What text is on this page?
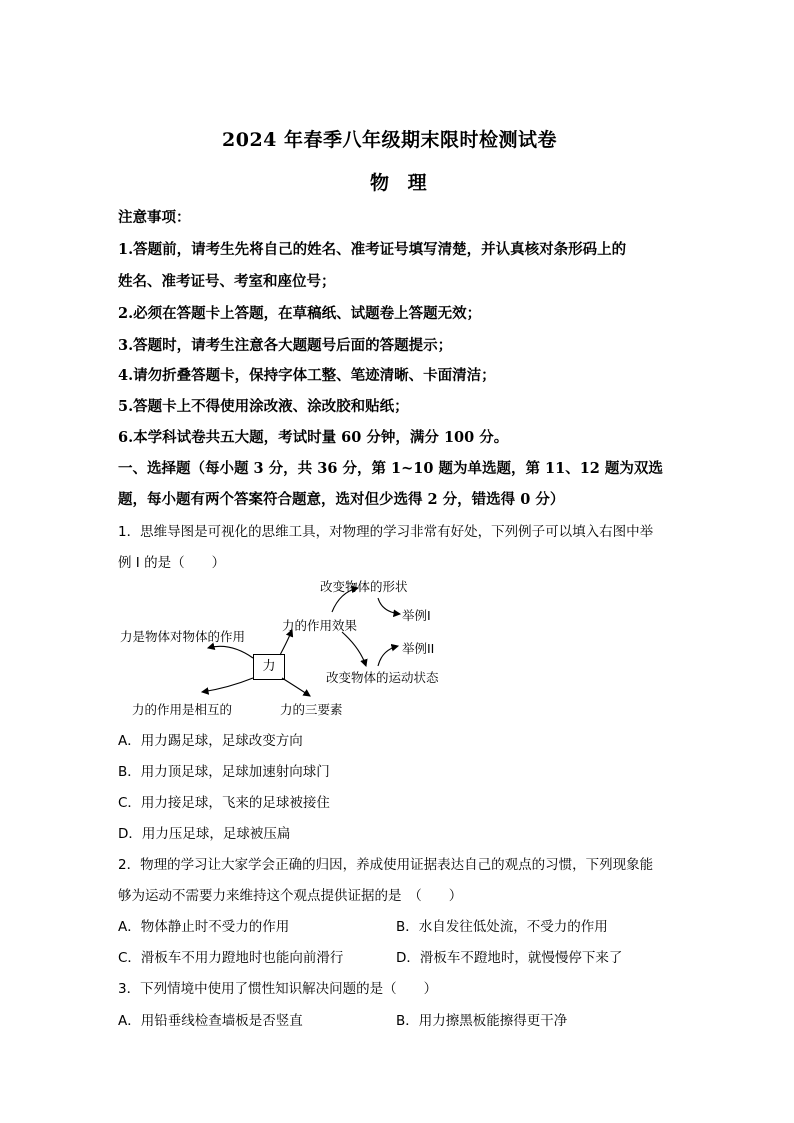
2024 年春季八年级期末限时检测试卷
物 理
注意事项：
1.答题前，请考生先将自己的姓名、准考证号填写清楚，并认真核对条形码上的
姓名、准考证号、考室和座位号；
2.必须在答题卡上答题，在草稿纸、试题卷上答题无效；
3.答题时，请考生注意各大题题号后面的答题提示；
4.请勿折叠答题卡，保持字体工整、笔迹清晰、卡面清洁；
5.答题卡上不得使用涂改液、涂改胶和贴纸；
6.本学科试卷共五大题，考试时量 60 分钟，满分 100 分。
一、选择题（每小题 3 分，共 36 分，第 1~10 题为单选题，第 11、12 题为双选
题，每小题有两个答案符合题意，选对但少选得 2 分，错选得 0 分）
1．思维导图是可视化的思维工具，对物理的学习非常有好处，下列例子可以填入右图中举
例 I 的是（　　）
力
力是物体对物体的作用
力的作用效果
改变物体的形状
举例I
举例II
改变物体的运动状态
力的作用是相互的	力的三要素
A．用力踢足球，足球改变方向
B．用力顶足球，足球加速射向球门
C．用力接足球，飞来的足球被接住
D．用力压足球，足球被压扁
2．物理的学习让大家学会正确的归因，养成使用证据表达自己的观点的习惯，下列现象能
够为运动不需要力来维持这个观点提供证据的是　（　　）
A．物体静止时不受力的作用	B．水自发往低处流，不受力的作用
C．滑板车不用力蹬地时也能向前滑行	D．滑板车不蹬地时，就慢慢停下来了
3．下列情境中使用了惯性知识解决问题的是（　　）
A．用铅垂线检查墙板是否竖直	B．用力擦黑板能擦得更干净
